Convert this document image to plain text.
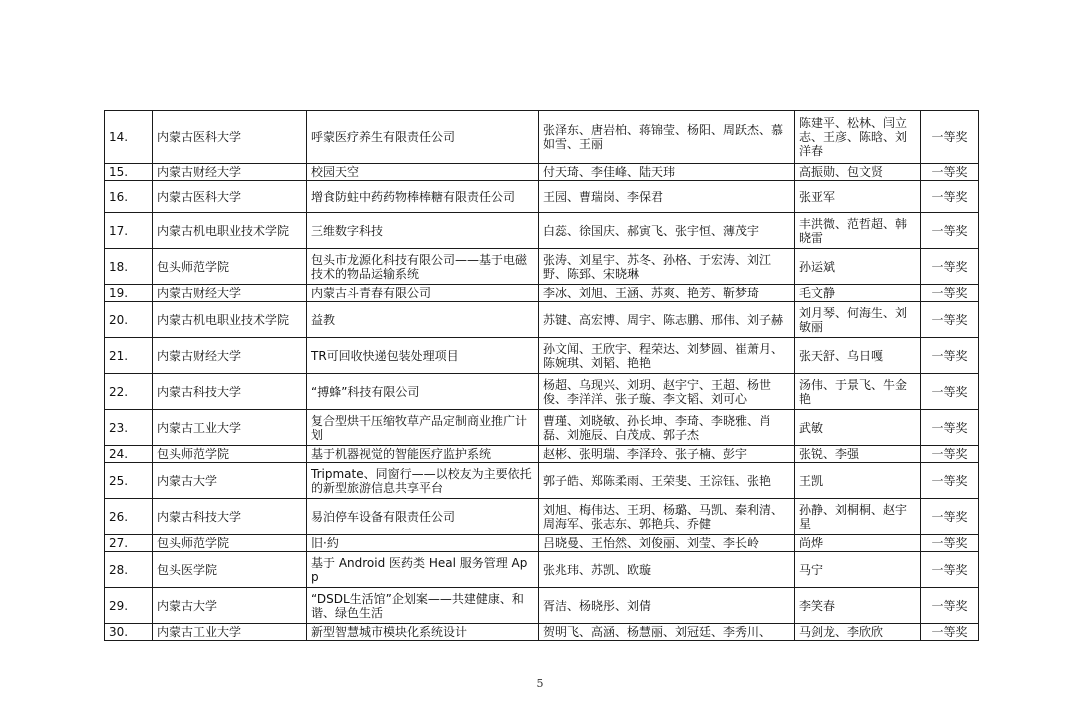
14.	内蒙古医科大学	呼蒙医疗养生有限责任公司	张泽东、唐岩柏、蒋锦莹、杨阳、周跃杰、慕如雪、王丽	陈建平、松林、闫立志、王彦、陈晗、刘洋春	一等奖
15.	内蒙古财经大学	校园天空	付天琦、李佳峰、陆天玮	高振勋、包文贤	一等奖
16.	内蒙古医科大学	增食防蛀中药药物棒棒糖有限责任公司	王园、曹瑞岗、李保君	张亚军	一等奖
17.	内蒙古机电职业技术学院	三维数字科技	白蕊、徐国庆、郝寅飞、张宇恒、薄茂宇	丰洪微、范哲超、韩晓雷	一等奖
18.	包头师范学院	包头市龙源化科技有限公司——基于电磁技术的物品运输系统	张涛、刘星宇、苏冬、孙格、于宏涛、刘江野、陈郅、宋晓琳	孙运斌	一等奖
19.	内蒙古财经大学	内蒙古斗青春有限公司	李冰、刘旭、王涵、苏爽、艳芳、靳梦琦	毛文静	一等奖
20.	内蒙古机电职业技术学院	益教	苏键、高宏博、周宇、陈志鹏、邢伟、刘子赫	刘月琴、何海生、刘敏丽	一等奖
21.	内蒙古财经大学	TR可回收快递包装处理项目	孙文闻、王欣宇、程荣达、刘梦圆、崔萧月、陈婉琪、刘韬、艳艳	张天舒、乌日嘎	一等奖
22.	内蒙古科技大学	“搏蜂”科技有限公司	杨超、乌现兴、刘玥、赵宇宁、王超、杨世俊、李洋洋、张子璇、李文韬、刘可心	汤伟、于景飞、牛金艳	一等奖
23.	内蒙古工业大学	复合型烘干压缩牧草产品定制商业推广计划	曹瑾、刘晓敏、孙长坤、李琦、李晓雅、肖磊、刘施辰、白茂成、郭子杰	武敏	一等奖
24.	包头师范学院	基于机器视觉的智能医疗监护系统	赵彬、张明瑞、李泽玲、张子楠、彭宇	张锐、李强	一等奖
25.	内蒙古大学	Tripmate、同窗行——以校友为主要依托的新型旅游信息共享平台	郭子皓、郑陈柔雨、王荣斐、王淙钰、张艳	王凯	一等奖
26.	内蒙古科技大学	易泊停车设备有限责任公司	刘旭、梅伟达、王玥、杨璐、马凯、秦利清、周海军、张志东、郭艳兵、乔健	孙静、刘桐桐、赵宇星	一等奖
27.	包头师范学院	旧·約	吕晓曼、王怡然、刘俊丽、刘莹、李长岭	尚烨	一等奖
28.	包头医学院	基于 Android 医药类 Heal 服务管理 App	张兆玮、苏凯、欧璇	马宁	一等奖
29.	内蒙古大学	“DSDL生活馆”企划案——共建健康、和谐、绿色生活	胥洁、杨晓彤、刘倩	李笑春	一等奖
30.	内蒙古工业大学	新型智慧城市模块化系统设计	贺明飞、高涵、杨慧丽、刘冠廷、李秀川、	马剑龙、李欣欣	一等奖
5
